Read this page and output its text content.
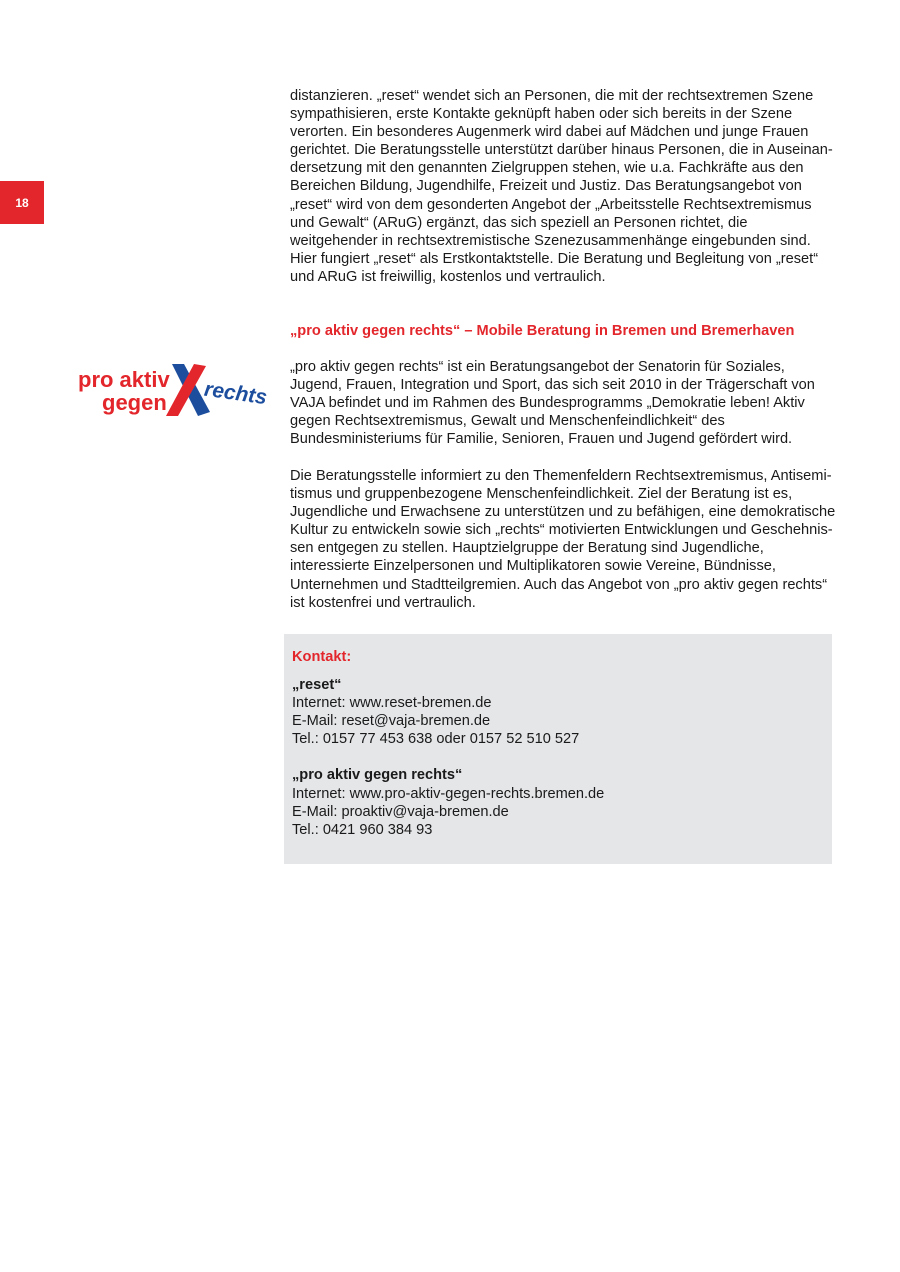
18

distanzieren. „reset“ wendet sich an Personen, die mit der rechtsextremen Szene sympathisieren, erste Kontakte geknüpft haben oder sich bereits in der Szene verorten. Ein besonderes Augenmerk wird dabei auf Mädchen und junge Frauen gerichtet. Die Beratungsstelle unterstützt darüber hinaus Personen, die in Auseinandersetzung mit den genannten Zielgruppen stehen, wie u.a. Fachkräfte aus den Bereichen Bildung, Jugendhilfe, Freizeit und Justiz. Das Beratungsangebot von „reset“ wird von dem gesonderten Angebot der „Arbeitsstelle Rechtsextremismus und Gewalt“ (ARuG) ergänzt, das sich speziell an Personen richtet, die weitgehender in rechtsextremistische Szenezusammenhänge eingebunden sind. Hier fungiert „reset“ als Erstkontaktstelle. Die Beratung und Begleitung von „reset“ und ARuG ist freiwillig, kostenlos und vertraulich.

„pro aktiv gegen rechts“ – Mobile Beratung in Bremen und Bremerhaven
pro aktiv
gegen rechts

„pro aktiv gegen rechts“ ist ein Beratungsangebot der Senatorin für Soziales, Jugend, Frauen, Integration und Sport, das sich seit 2010 in der Trägerschaft von VAJA befindet und im Rahmen des Bundesprogramms „Demokratie leben! Aktiv gegen Rechtsextremismus, Gewalt und Menschenfeindlichkeit“ des Bundesministeriums für Familie, Senioren, Frauen und Jugend gefördert wird.

Die Beratungsstelle informiert zu den Themenfeldern Rechtsextremismus, Antisemitismus und gruppenbezogene Menschenfeindlichkeit. Ziel der Beratung ist es, Jugendliche und Erwachsene zu unterstützen und zu befähigen, eine demokratische Kultur zu entwickeln sowie sich „rechts“ motivierten Entwicklungen und Geschehnissen entgegen zu stellen. Hauptzielgruppe der Beratung sind Jugendliche, interessierte Einzelpersonen und Multiplikatoren sowie Vereine, Bündnisse, Unternehmen und Stadtteilgremien. Auch das Angebot von „pro aktiv gegen rechts“ ist kostenfrei und vertraulich.

Kontakt:
„reset“
Internet: www.reset-bremen.de
E-Mail: reset@vaja-bremen.de
Tel.: 0157 77 453 638 oder 0157 52 510 527
„pro aktiv gegen rechts“
Internet: www.pro-aktiv-gegen-rechts.bremen.de
E-Mail: proaktiv@vaja-bremen.de
Tel.: 0421 960 384 93
